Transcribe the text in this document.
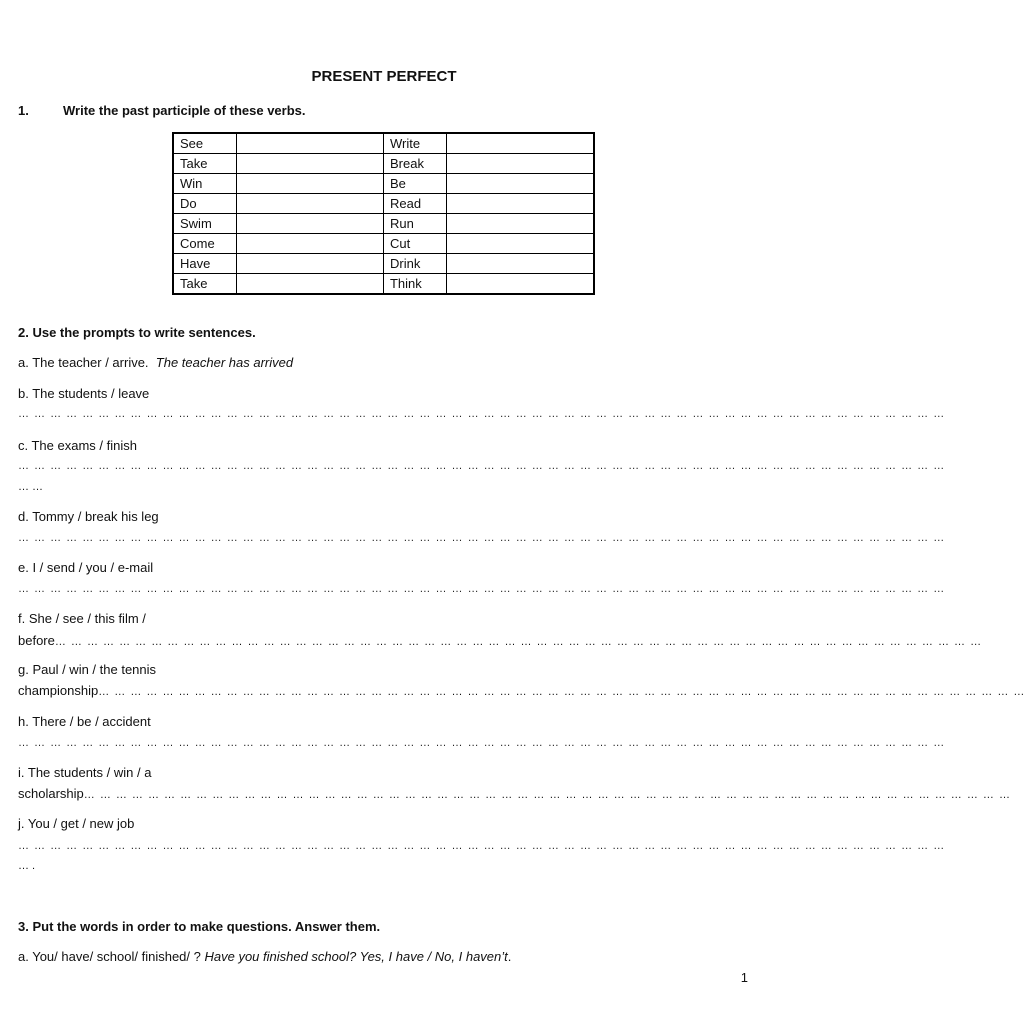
PRESENT PERFECT
1.	Write the past participle of these verbs.
See		Write	
Take		Break	
Win		Be	
Do		Read	
Swim		Run	
Come		Cut	
Have		Drink	
Take		Think	
2. Use the prompts to write sentences.
a. The teacher / arrive. The teacher has arrived
b. The students / leave
… … … … … … … … … … … … … … … … … … … … … … … … … … … … … … … … … … … … … … … … … … … … … … … … … … … … … … … … … …
c. The exams / finish
… … … … … … … … … … … … … … … … … … … … … … … … … … … … … … … … … … … … … … … … … … … … … … … … … … … … … … … … … …
… …
d. Tommy / break his leg
… … … … … … … … … … … … … … … … … … … … … … … … … … … … … … … … … … … … … … … … … … … … … … … … … … … … … … … … … …
e. I / send / you / e-mail
… … … … … … … … … … … … … … … … … … … … … … … … … … … … … … … … … … … … … … … … … … … … … … … … … … … … … … … … … …
f. She / see / this film /
before… … … … … … … … … … … … … … … … … … … … … … … … … … … … … … … … … … … … … … … … … … … … … … … … … … … … … … … … … …
g. Paul / win / the tennis
championship… … … … … … … … … … … … … … … … … … … … … … … … … … … … … … … … … … … … … … … … … … … … … … … … … … … … … … … … … …
h. There / be / accident
… … … … … … … … … … … … … … … … … … … … … … … … … … … … … … … … … … … … … … … … … … … … … … … … … … … … … … … … … …
i. The students / win / a
scholarship… … … … … … … … … … … … … … … … … … … … … … … … … … … … … … … … … … … … … … … … … … … … … … … … … … … … … … … … … …
j. You / get / new job
… … … … … … … … … … … … … … … … … … … … … … … … … … … … … … … … … … … … … … … … … … … … … … … … … … … … … … … … … …
… .
3. Put the words in order to make questions. Answer them.
a. You/ have/ school/ finished/ ? Have you finished school? Yes, I have / No, I haven’t.
1
